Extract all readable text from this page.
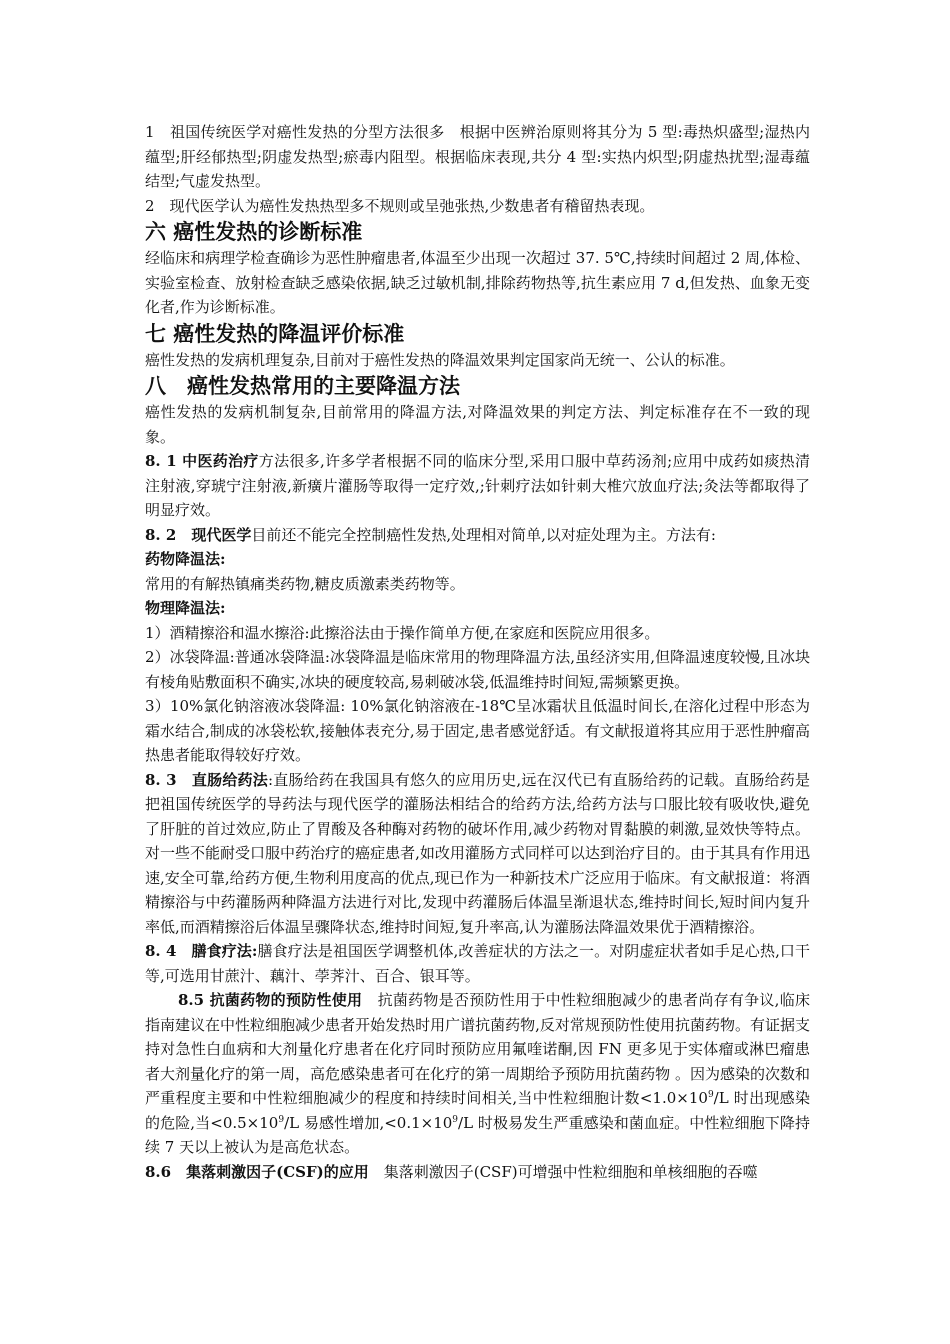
1　祖国传统医学对癌性发热的分型方法很多　根据中医辨治原则将其分为 5 型:毒热炽盛型;湿热内蕴型;肝经郁热型;阴虚发热型;瘀毒内阻型。根据临床表现,共分 4 型:实热内炽型;阴虚热扰型;湿毒蕴结型;气虚发热型。

2　现代医学认为癌性发热热型多不规则或呈弛张热,少数患者有稽留热表现。

六 癌性发热的诊断标准

经临床和病理学检查确诊为恶性肿瘤患者,体温至少出现一次超过 37. 5℃,持续时间超过 2 周,体检、实验室检查、放射检查缺乏感染依据,缺乏过敏机制,排除药物热等,抗生素应用 7 d,但发热、血象无变化者,作为诊断标准。

七 癌性发热的降温评价标准

癌性发热的发病机理复杂,目前对于癌性发热的降温效果判定国家尚无统一、公认的标准。

八　癌性发热常用的主要降温方法

癌性发热的发病机制复杂,目前常用的降温方法,对降温效果的判定方法、判定标准存在不一致的现象。

8. 1 中医药治疗方法很多,许多学者根据不同的临床分型,采用口服中草药汤剂;应用中成药如痰热清注射液,穿琥宁注射液,新癀片灌肠等取得一定疗效,;针刺疗法如针刺大椎穴放血疗法;灸法等都取得了明显疗效。

8. 2　现代医学目前还不能完全控制癌性发热,处理相对简单,以对症处理为主。方法有:

药物降温法:

常用的有解热镇痛类药物,糖皮质激素类药物等。

物理降温法:

1）酒精擦浴和温水擦浴:此擦浴法由于操作简单方便,在家庭和医院应用很多。

2）冰袋降温:普通冰袋降温:冰袋降温是临床常用的物理降温方法,虽经济实用,但降温速度较慢,且冰块有棱角贴敷面积不确实,冰块的硬度较高,易刺破冰袋,低温维持时间短,需频繁更换。

3）10%氯化钠溶液冰袋降温: 10%氯化钠溶液在-18℃呈冰霜状且低温时间长,在溶化过程中形态为霜水结合,制成的冰袋松软,接触体表充分,易于固定,患者感觉舒适。有文献报道将其应用于恶性肿瘤高热患者能取得较好疗效。

8. 3　直肠给药法:直肠给药在我国具有悠久的应用历史,远在汉代已有直肠给药的记载。直肠给药是把祖国传统医学的导药法与现代医学的灌肠法相结合的给药方法,给药方法与口服比较有吸收快,避免了肝脏的首过效应,防止了胃酸及各种酶对药物的破坏作用,减少药物对胃黏膜的刺激,显效快等特点。对一些不能耐受口服中药治疗的癌症患者,如改用灌肠方式同样可以达到治疗目的。由于其具有作用迅速,安全可靠,给药方便,生物利用度高的优点,现已作为一种新技术广泛应用于临床。有文献报道：将酒精擦浴与中药灌肠两种降温方法进行对比,发现中药灌肠后体温呈渐退状态,维持时间长,短时间内复升率低,而酒精擦浴后体温呈骤降状态,维持时间短,复升率高,认为灌肠法降温效果优于酒精擦浴。

8. 4　膳食疗法:膳食疗法是祖国医学调整机体,改善症状的方法之一。对阴虚症状者如手足心热,口干等,可选用甘蔗汁、藕汁、荸荠汁、百合、银耳等。

8.5 抗菌药物的预防性使用　抗菌药物是否预防性用于中性粒细胞减少的患者尚存有争议,临床指南建议在中性粒细胞减少患者开始发热时用广谱抗菌药物,反对常规预防性使用抗菌药物。有证据支持对急性白血病和大剂量化疗患者在化疗同时预防应用氟喹诺酮,因 FN 更多见于实体瘤或淋巴瘤患者大剂量化疗的第一周，高危感染患者可在化疗的第一周期给予预防用抗菌药物 。因为感染的次数和严重程度主要和中性粒细胞减少的程度和持续时间相关,当中性粒细胞计数$<1.0\times 10^9/L$ 时出现感染的危险,当$<0.5\times 10^9/L$ 易感性增加$,<0.1\times 10^9/L$ 时极易发生严重感染和菌血症。中性粒细胞下降持续 7 天以上被认为是高危状态。

8.6　集落刺激因子(CSF)的应用　集落刺激因子(CSF)可增强中性粒细胞和单核细胞的吞噬
